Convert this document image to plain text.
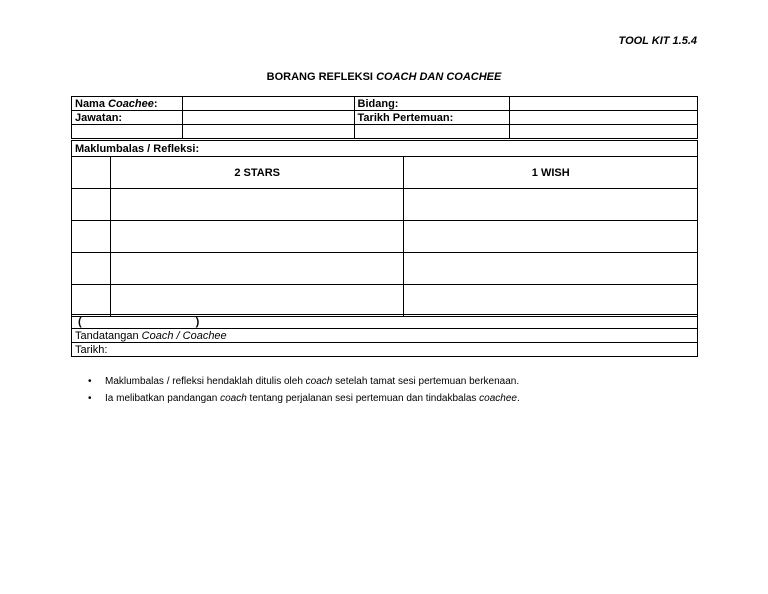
TOOL KIT 1.5.4
BORANG REFLEKSI COACH DAN COACHEE
Nama Coachee:		Bidang:	
Jawatan:		Tarikh Pertemuan:	

Maklumbalas / Refleksi:		
	2 STARS	1 WISH

(	)
Tandatangan Coach / Coachee
Tarikh:
• Maklumbalas / refleksi hendaklah ditulis oleh coach setelah tamat sesi pertemuan berkenaan.
• Ia melibatkan pandangan coach tentang perjalanan sesi pertemuan dan tindakbalas coachee.
